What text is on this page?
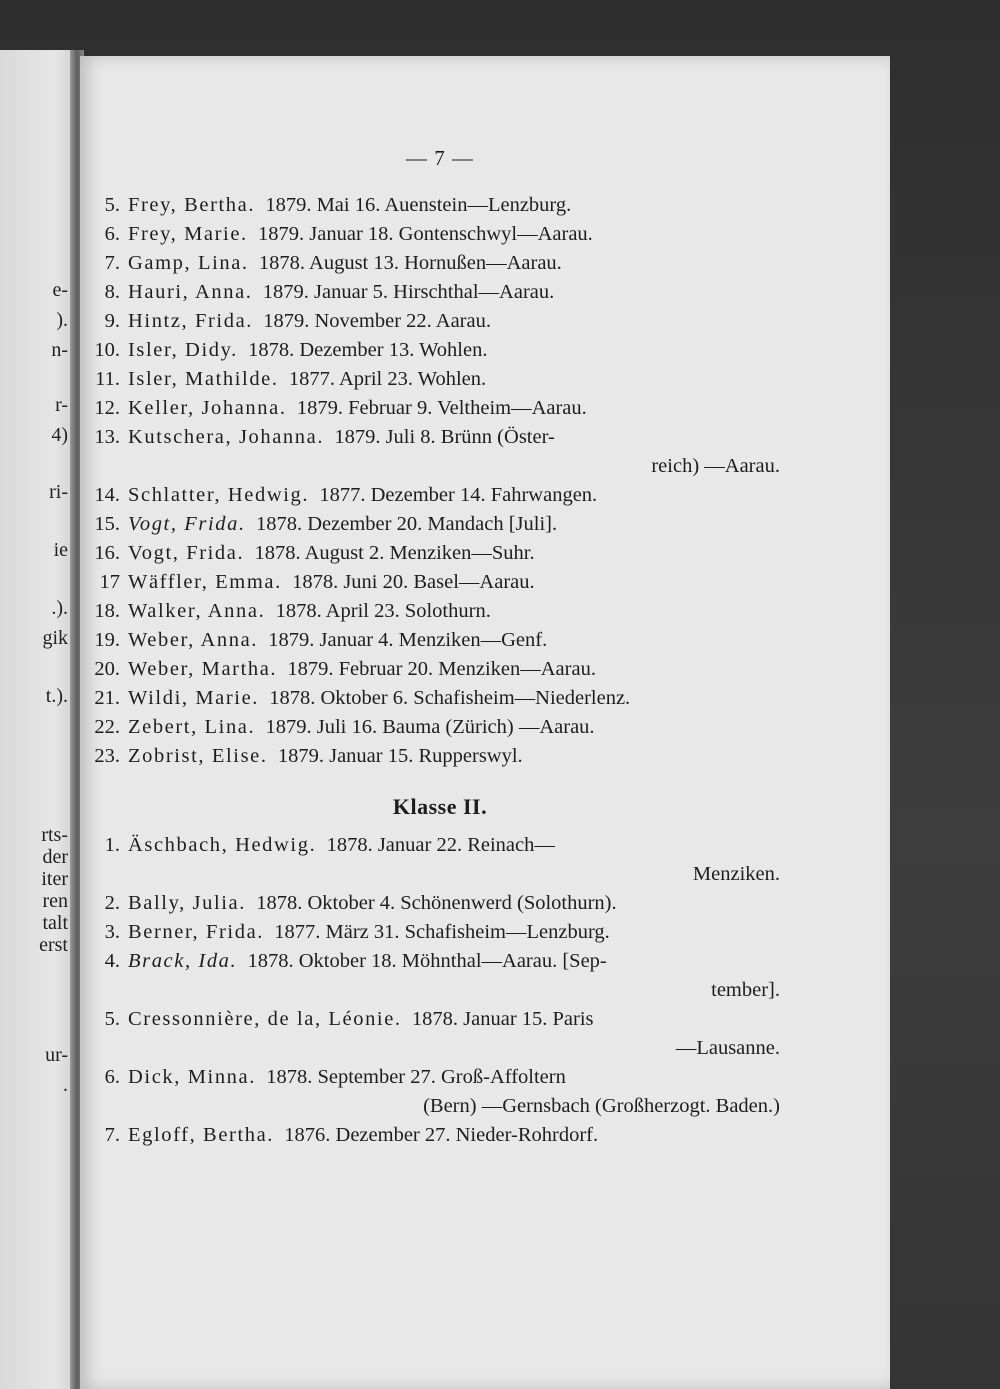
e-
).
n-
r-
4)
ri-
ie
.).
gik
t.).
rts-
der
iter
ren
talt
erst
ur-
.
— 7 —
5. Frey, Bertha. 1879. Mai 16. Auenstein—Lenzburg.
6. Frey, Marie. 1879. Januar 18. Gontenschwyl—Aarau.
7. Gamp, Lina. 1878. August 13. Hornußen—Aarau.
8. Hauri, Anna. 1879. Januar 5. Hirschthal—Aarau.
9. Hintz, Frida. 1879. November 22. Aarau.
10. Isler, Didy. 1878. Dezember 13. Wohlen.
11. Isler, Mathilde. 1877. April 23. Wohlen.
12. Keller, Johanna. 1879. Februar 9. Veltheim—Aarau.
13. Kutschera, Johanna. 1879. Juli 8. Brünn (Öster-
reich) —Aarau.
14. Schlatter, Hedwig. 1877. Dezember 14. Fahrwangen.
15. Vogt, Frida. 1878. Dezember 20. Mandach [Juli].
16. Vogt, Frida. 1878. August 2. Menziken—Suhr.
17 Wäffler, Emma. 1878. Juni 20. Basel—Aarau.
18. Walker, Anna. 1878. April 23. Solothurn.
19. Weber, Anna. 1879. Januar 4. Menziken—Genf.
20. Weber, Martha. 1879. Februar 20. Menziken—Aarau.
21. Wildi, Marie. 1878. Oktober 6. Schafisheim—Niederlenz.
22. Zebert, Lina. 1879. Juli 16. Bauma (Zürich) —Aarau.
23. Zobrist, Elise. 1879. Januar 15. Rupperswyl.
Klasse II.
1. Äschbach, Hedwig. 1878. Januar 22. Reinach—
Menziken.
2. Bally, Julia. 1878. Oktober 4. Schönenwerd (Solothurn).
3. Berner, Frida. 1877. März 31. Schafisheim—Lenzburg.
4. Brack, Ida. 1878. Oktober 18. Möhnthal—Aarau. [Sep-
tember].
5. Cressonnière, de la, Léonie. 1878. Januar 15. Paris
—Lausanne.
6. Dick, Minna. 1878. September 27. Groß-Affoltern
(Bern) —Gernsbach (Großherzogt. Baden.)
7. Egloff, Bertha. 1876. Dezember 27. Nieder-Rohrdorf.
